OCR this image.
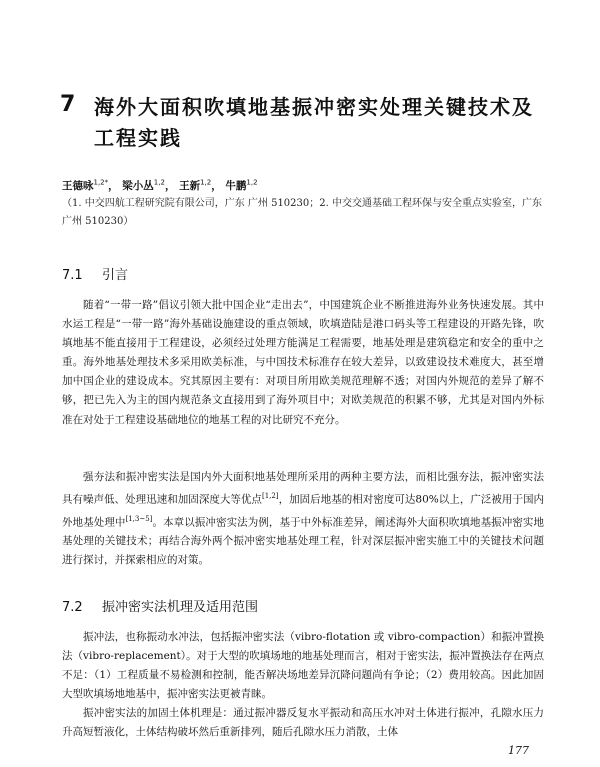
7 海外大面积吹填地基振冲密实处理关键技术及工程实践
王德咏$^{1,2*}$， 梁小丛$^{1,2}$， 王新$^{1,2}$， 牛鹏$^{1,2}$
（1. 中交四航工程研究院有限公司，广东 广州 510230；2. 中交交通基础工程环保与安全重点实验室，广东 广州 510230）
7.1 引言
随着“一带一路”倡议引领大批中国企业“走出去”，中国建筑企业不断推进海外业务快速发展。其中水运工程是“一带一路”海外基础设施建设的重点领域，吹填造陆是港口码头等工程建设的开路先锋，吹填地基不能直接用于工程建设，必须经过处理方能满足工程需要，地基处理是建筑稳定和安全的重中之重。海外地基处理技术多采用欧美标准，与中国技术标准存在较大差异，以致建设技术难度大，甚至增加中国企业的建设成本。究其原因主要有：对项目所用欧美规范理解不透；对国内外规范的差异了解不够，把已先入为主的国内规范条文直接用到了海外项目中；对欧美规范的积累不够，尤其是对国内外标准在对处于工程建设基础地位的地基工程的对比研究不充分。
强夯法和振冲密实法是国内外大面积地基处理所采用的两种主要方法，而相比强夯法，振冲密实法具有噪声低、处理迅速和加固深度大等优点[1,2]，加固后地基的相对密度可达80%以上，广泛被用于国内外地基处理中[1,3~5]。本章以振冲密实法为例，基于中外标准差异，阐述海外大面积吹填地基振冲密实地基处理的关键技术；再结合海外两个振冲密实地基处理工程，针对深层振冲密实施工中的关键技术问题进行探讨，并探索相应的对策。
7.2 振冲密实法机理及适用范围
振冲法，也称振动水冲法，包括振冲密实法（vibro-flotation 或 vibro-compaction）和振冲置换法（vibro-replacement）。对于大型的吹填场地的地基处理而言，相对于密实法，振冲置换法存在两点不足：（1）工程质量不易检测和控制，能否解决场地差异沉降问题尚有争论；（2）费用较高。因此加固大型吹填场地地基中，振冲密实法更被青睐。
振冲密实法的加固土体机理是：通过振冲器反复水平振动和高压水冲对土体进行振冲，孔隙水压力升高短暂液化，土体结构破坏然后重新排列，随后孔隙水压力消散，土体
177
